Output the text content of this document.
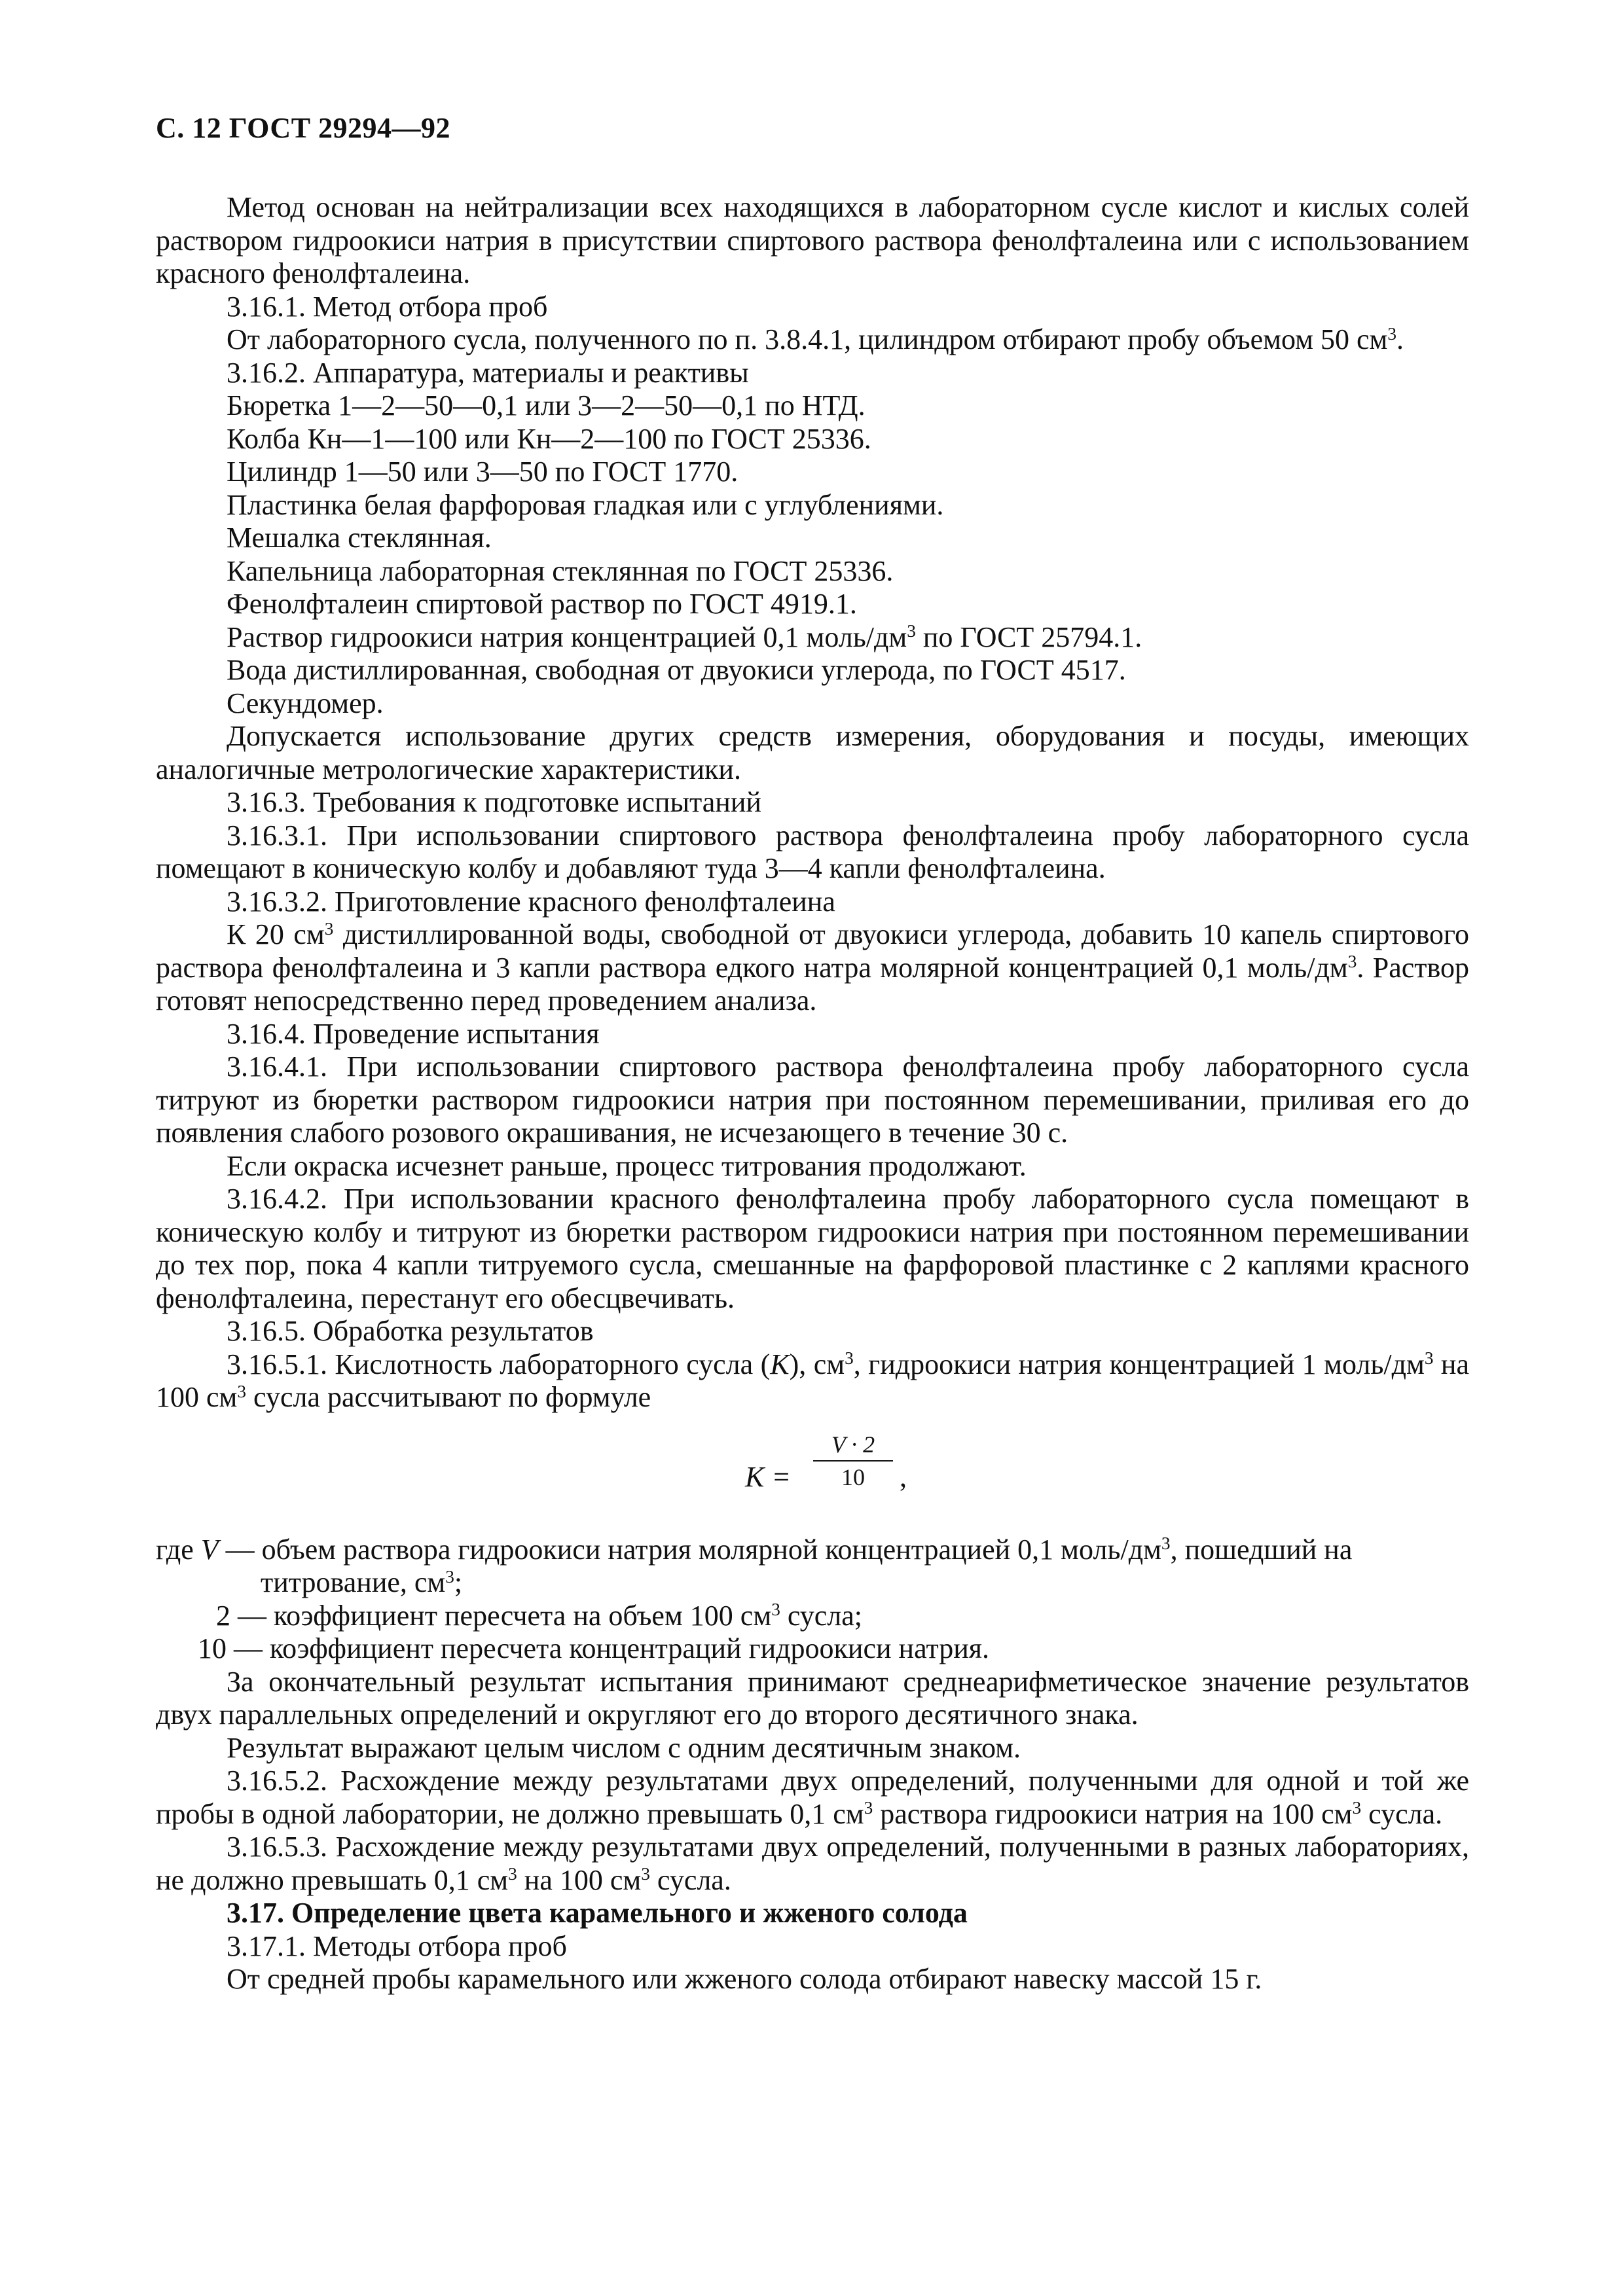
С. 12 ГОСТ 29294—92

Метод основан на нейтрализации всех находящихся в лабораторном сусле кислот и кислых солей раствором гидроокиси натрия в присутствии спиртового раствора фенолфталеина или с использованием красного фенолфталеина.

3.16.1. Метод отбора проб

От лабораторного сусла, полученного по п. 3.8.4.1, цилиндром отбирают пробу объемом 50 $см^3$.

3.16.2. Аппаратура, материалы и реактивы

Бюретка 1—2—50—0,1 или 3—2—50—0,1 по НТД.

Колба Кн—1—100 или Кн—2—100 по ГОСТ 25336.

Цилиндр 1—50 или 3—50 по ГОСТ 1770.

Пластинка белая фарфоровая гладкая или с углублениями.

Мешалка стеклянная.

Капельница лабораторная стеклянная по ГОСТ 25336.

Фенолфталеин спиртовой раствор по ГОСТ 4919.1.

Раствор гидроокиси натрия концентрацией 0,1 моль/$дм^3$ по ГОСТ 25794.1.

Вода дистиллированная, свободная от двуокиси углерода, по ГОСТ 4517.

Секундомер.

Допускается использование других средств измерения, оборудования и посуды, имеющих аналогичные метрологические характеристики.

3.16.3. Требования к подготовке испытаний

3.16.3.1. При использовании спиртового раствора фенолфталеина пробу лабораторного сусла помещают в коническую колбу и добавляют туда 3—4 капли фенолфталеина.

3.16.3.2. Приготовление красного фенолфталеина

К 20 $см^3$ дистиллированной воды, свободной от двуокиси углерода, добавить 10 капель спиртового раствора фенолфталеина и 3 капли раствора едкого натра молярной концентрацией 0,1 моль/$дм^3$. Раствор готовят непосредственно перед проведением анализа.

3.16.4. Проведение испытания

3.16.4.1. При использовании спиртового раствора фенолфталеина пробу лабораторного сусла титруют из бюретки раствором гидроокиси натрия при постоянном перемешивании, приливая его до появления слабого розового окрашивания, не исчезающего в течение 30 с.

Если окраска исчезнет раньше, процесс титрования продолжают.

3.16.4.2. При использовании красного фенолфталеина пробу лабораторного сусла помещают в коническую колбу и титруют из бюретки раствором гидроокиси натрия при постоянном перемешивании до тех пор, пока 4 капли титруемого сусла, смешанные на фарфоровой пластинке с 2 каплями красного фенолфталеина, перестанут его обесцвечивать.

3.16.5. Обработка результатов

3.16.5.1. Кислотность лабораторного сусла (K), $см^3$, гидроокиси натрия концентрацией 1 моль/$дм^3$ на 100 $см^3$ сусла рассчитывают по формуле

K =
V · 2
10	,

где V — объем раствора гидроокиси натрия молярной концентрацией 0,1 моль/$дм^3$, пошедший на

титрование, $см^3$;

2 — коэффициент пересчета на объем 100 $см^3$ сусла;

10 — коэффициент пересчета концентраций гидроокиси натрия.

За окончательный результат испытания принимают среднеарифметическое значение результатов двух параллельных определений и округляют его до второго десятичного знака.

Результат выражают целым числом с одним десятичным знаком.

3.16.5.2. Расхождение между результатами двух определений, полученными для одной и той же пробы в одной лаборатории, не должно превышать 0,1 $см^3$ раствора гидроокиси натрия на 100 $см^3$ сусла.

3.16.5.3. Расхождение между результатами двух определений, полученными в разных лабораториях, не должно превышать 0,1 $см^3$ на 100 $см^3$ сусла.

3.17. Определение цвета карамельного и жженого солода

3.17.1. Методы отбора проб

От средней пробы карамельного или жженого солода отбирают навеску массой 15 г.
